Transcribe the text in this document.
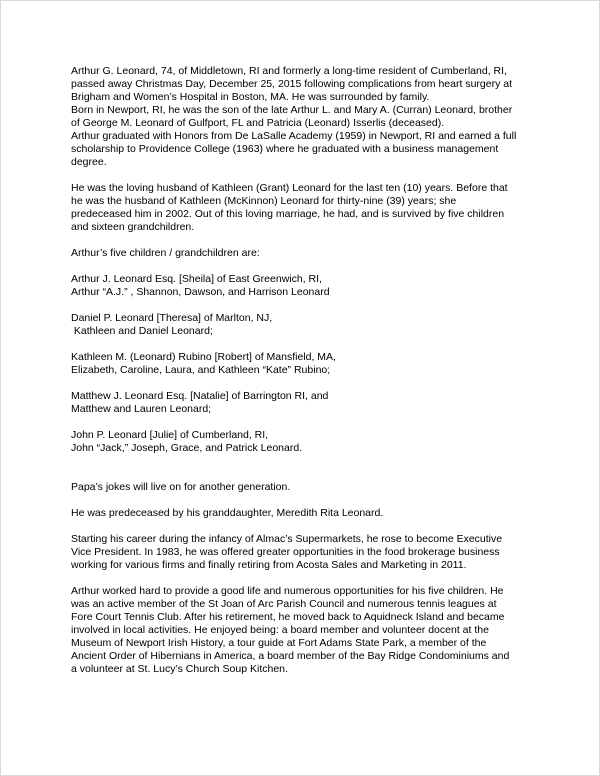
Arthur G. Leonard, 74, of Middletown, RI and formerly a long-time resident of Cumberland, RI,
passed away Christmas Day, December 25, 2015 following complications from heart surgery at
Brigham and Women’s Hospital in Boston, MA. He was surrounded by family.
Born in Newport, RI, he was the son of the late Arthur L. and Mary A. (Curran) Leonard, brother
of George M. Leonard of Gulfport, FL and Patricia (Leonard) Isserlis (deceased).
Arthur graduated with Honors from De LaSalle Academy (1959) in Newport, RI and earned a full
scholarship to Providence College (1963) where he graduated with a business management
degree.
He was the loving husband of Kathleen (Grant) Leonard for the last ten (10) years. Before that
he was the husband of Kathleen (McKinnon) Leonard for thirty-nine (39) years; she
predeceased him in 2002. Out of this loving marriage, he had, and is survived by five children
and sixteen grandchildren.
Arthur’s five children / grandchildren are:
Arthur J. Leonard Esq. [Sheila] of East Greenwich, RI,
Arthur “A.J.” , Shannon, Dawson, and Harrison Leonard
Daniel P. Leonard [Theresa] of Marlton, NJ,
Kathleen and Daniel Leonard;
Kathleen M. (Leonard) Rubino [Robert] of Mansfield, MA,
Elizabeth, Caroline, Laura, and Kathleen “Kate” Rubino;
Matthew J. Leonard Esq. [Natalie] of Barrington RI, and
Matthew and Lauren Leonard;
John P. Leonard [Julie] of Cumberland, RI,
John “Jack,” Joseph, Grace, and Patrick Leonard.
Papa’s jokes will live on for another generation.
He was predeceased by his granddaughter, Meredith Rita Leonard.
Starting his career during the infancy of Almac’s Supermarkets, he rose to become Executive
Vice President. In 1983, he was offered greater opportunities in the food brokerage business
working for various firms and finally retiring from Acosta Sales and Marketing in 2011.
Arthur worked hard to provide a good life and numerous opportunities for his five children. He
was an active member of the St Joan of Arc Parish Council and numerous tennis leagues at
Fore Court Tennis Club. After his retirement, he moved back to Aquidneck Island and became
involved in local activities. He enjoyed being: a board member and volunteer docent at the
Museum of Newport Irish History, a tour guide at Fort Adams State Park, a member of the
Ancient Order of Hibernians in America, a board member of the Bay Ridge Condominiums and
a volunteer at St. Lucy’s Church Soup Kitchen.
